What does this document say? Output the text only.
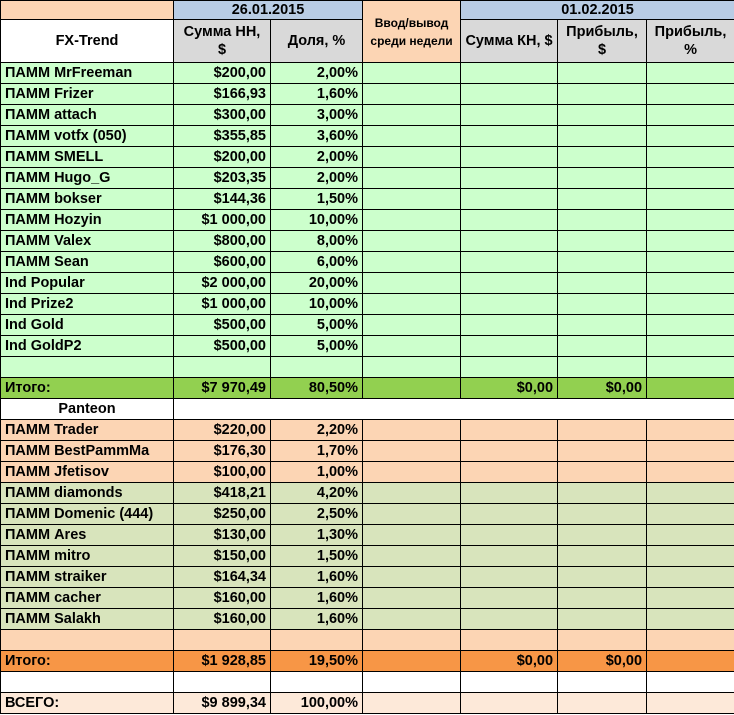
	26.01.2015		Ввод/вывод среди недели	01.02.2015		
FX-Trend	Сумма НН, $	Доля, %		Сумма КН, $	Прибыль, $	Прибыль, %
ПАММ MrFreeman	$200,00	2,00%				
ПАММ Frizer	$166,93	1,60%				
ПАММ attach	$300,00	3,00%				
ПАММ votfx (050)	$355,85	3,60%				
ПАММ SMELL	$200,00	2,00%				
ПАММ Hugo_G	$203,35	2,00%				
ПАММ bokser	$144,36	1,50%				
ПАММ Hozyin	$1 000,00	10,00%				
ПАММ Valex	$800,00	8,00%				
ПАММ Sean	$600,00	6,00%				
Ind Popular	$2 000,00	20,00%				
Ind Prize2	$1 000,00	10,00%				
Ind Gold	$500,00	5,00%				
Ind GoldP2	$500,00	5,00%				

Итого:	$7 970,49	80,50%		$0,00	$0,00	
Panteon						
ПАММ Trader	$220,00	2,20%				
ПАММ BestPammMa	$176,30	1,70%				
ПАММ Jfetisov	$100,00	1,00%				
ПАММ diamonds	$418,21	4,20%				
ПАММ Domenic (444)	$250,00	2,50%				
ПАММ Ares	$130,00	1,30%				
ПАММ mitro	$150,00	1,50%				
ПАММ straiker	$164,34	1,60%				
ПАММ cacher	$160,00	1,60%				
ПАММ Salakh	$160,00	1,60%				

Итого:	$1 928,85	19,50%		$0,00	$0,00	

ВСЕГО:	$9 899,34	100,00%				
